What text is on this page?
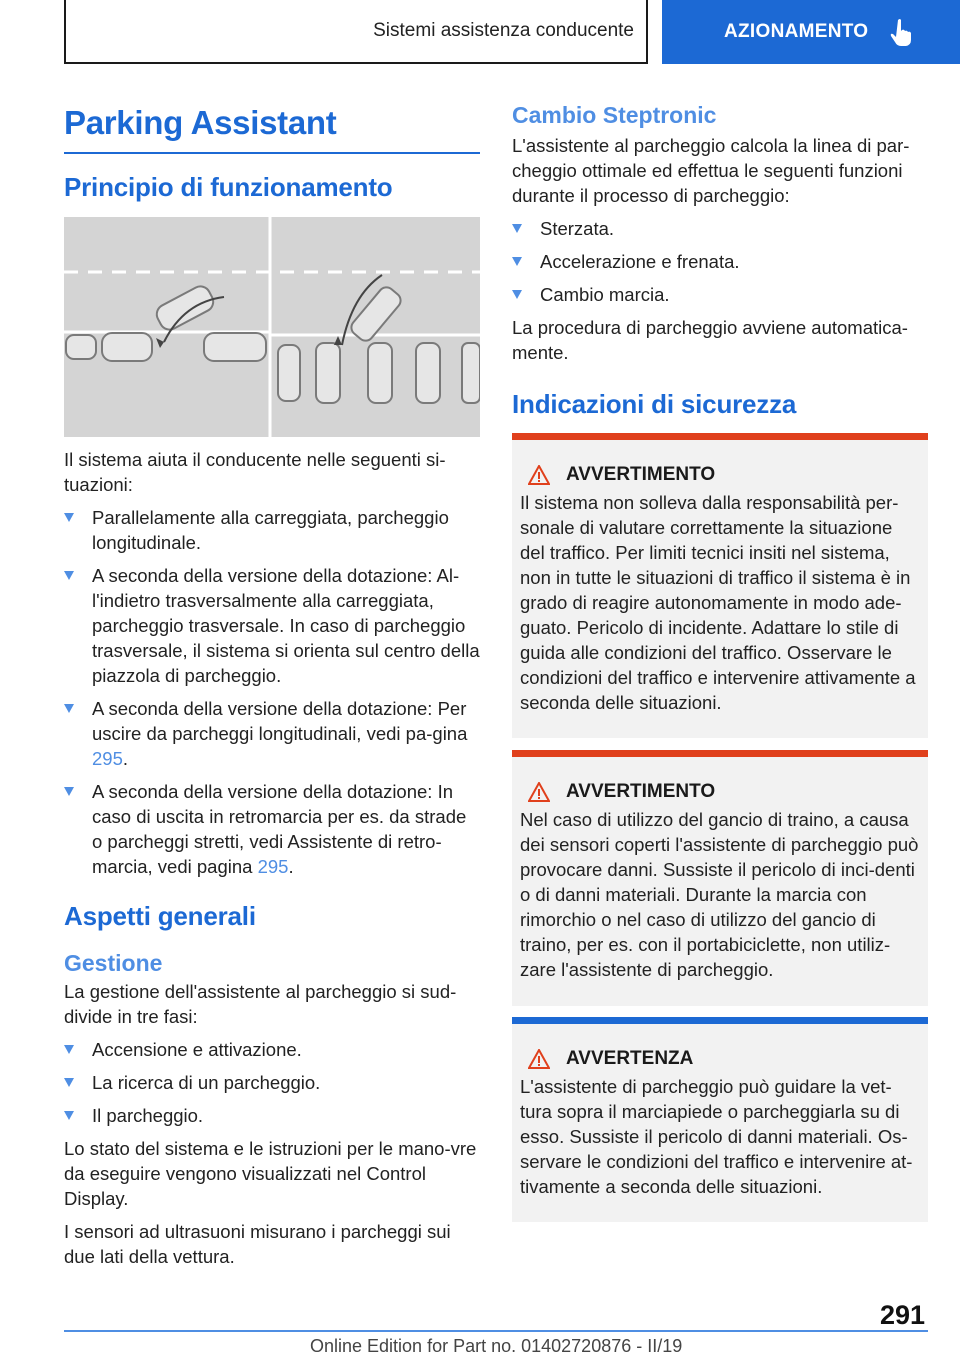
Sistemi assistenza conducente	AZIONAMENTO
Parking Assistant
Principio di funzionamento

Il sistema aiuta il conducente nelle seguenti si-tuazioni:

Parallelamente alla carreggiata, parcheggio longitudinale.
A seconda della versione della dotazione: Al-l'indietro trasversalmente alla carreggiata, parcheggio trasversale. In caso di parcheggio trasversale, il sistema si orienta sul centro della piazzola di parcheggio.
A seconda della versione della dotazione: Per uscire da parcheggi longitudinali, vedi pa-gina 295.
A seconda della versione della dotazione: In caso di uscita in retromarcia per es. da strade o parcheggi stretti, vedi Assistente di retro-marcia, vedi pagina 295.
Aspetti generali
Gestione

La gestione dell'assistente al parcheggio si sud-divide in tre fasi:

Accensione e attivazione.
La ricerca di un parcheggio.
Il parcheggio.

Lo stato del sistema e le istruzioni per le mano-vre da eseguire vengono visualizzati nel Control Display.

I sensori ad ultrasuoni misurano i parcheggi sui due lati della vettura.

Cambio Steptronic

L'assistente al parcheggio calcola la linea di par-cheggio ottimale ed effettua le seguenti funzioni durante il processo di parcheggio:

Sterzata.
Accelerazione e frenata.
Cambio marcia.

La procedura di parcheggio avviene automatica-mente.

Indicazioni di sicurezza
AVVERTIMENTO
Il sistema non solleva dalla responsabilità per-sonale di valutare correttamente la situazione del traffico. Per limiti tecnici insiti nel sistema, non in tutte le situazioni di traffico il sistema è in grado di reagire autonomamente in modo ade-guato. Pericolo di incidente. Adattare lo stile di guida alle condizioni del traffico. Osservare le condizioni del traffico e intervenire attivamente a seconda delle situazioni.
AVVERTIMENTO
Nel caso di utilizzo del gancio di traino, a causa dei sensori coperti l'assistente di parcheggio può provocare danni. Sussiste il pericolo di inci-denti o di danni materiali. Durante la marcia con rimorchio o nel caso di utilizzo del gancio di traino, per es. con il portabiciclette, non utiliz-zare l'assistente di parcheggio.
AVVERTENZA
L'assistente di parcheggio può guidare la vet-tura sopra il marciapiede o parcheggiarla su di esso. Sussiste il pericolo di danni materiali. Os-servare le condizioni del traffico e intervenire at-tivamente a seconda delle situazioni.
291
Online Edition for Part no. 01402720876 - II/19
